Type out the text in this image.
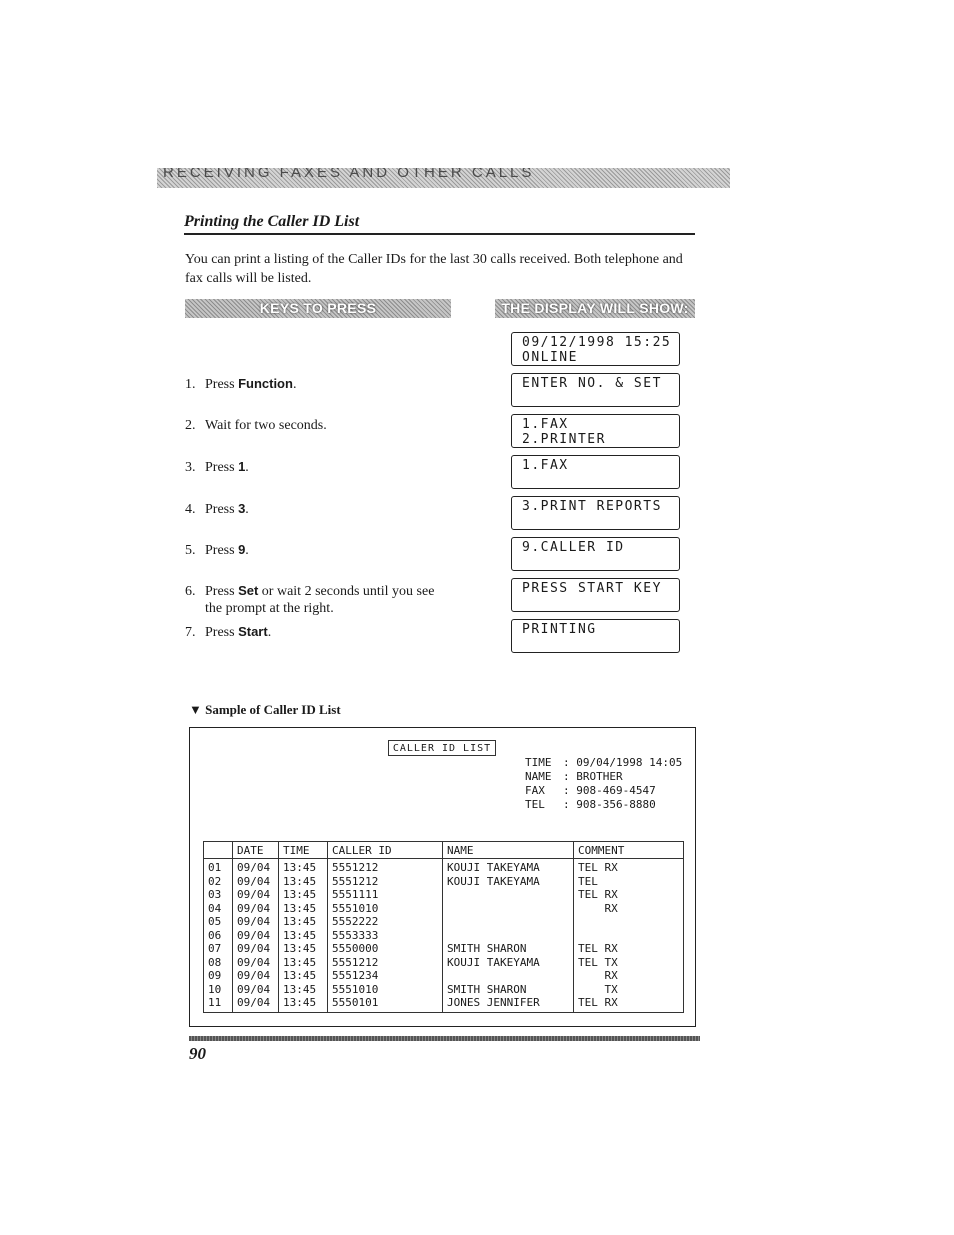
RECEIVING FAXES AND OTHER CALLS
Printing the Caller ID List
You can print a listing of the Caller IDs for the last 30 calls received. Both telephone and fax calls will be listed.
KEYS TO PRESS	THE DISPLAY WILL SHOW:
09/12/1998 15:25
ONLINE
1. Press Function.	ENTER NO. & SET
2. Wait for two seconds.	1.FAX
2.PRINTER
3. Press 1.	1.FAX
4. Press 3.	3.PRINT REPORTS
5. Press 9.	9.CALLER ID
6. Press Set or wait 2 seconds until you see
the prompt at the right.
PRESS START KEY
7. Press Start.	PRINTING
▼ Sample of Caller ID List
CALLER ID LIST
TIME : 09/04/1998 14:05
NAME : BROTHER
FAX : 908-469-4547
TEL : 908-356-8880
	DATE	TIME	CALLER ID	NAME	COMMENT
01	09/04	13:45	5551212	KOUJI TAKEYAMA	TEL RX
02	09/04	13:45	5551212	KOUJI TAKEYAMA	TEL
03	09/04	13:45	5551111		TEL RX
04	09/04	13:45	5551010		RX
05	09/04	13:45	5552222		
06	09/04	13:45	5553333		
07	09/04	13:45	5550000	SMITH SHARON	TEL RX
08	09/04	13:45	5551212	KOUJI TAKEYAMA	TEL TX
09	09/04	13:45	5551234		RX
10	09/04	13:45	5551010	SMITH SHARON	TX
11	09/04	13:45	5550101	JONES JENNIFER	TEL RX
90
